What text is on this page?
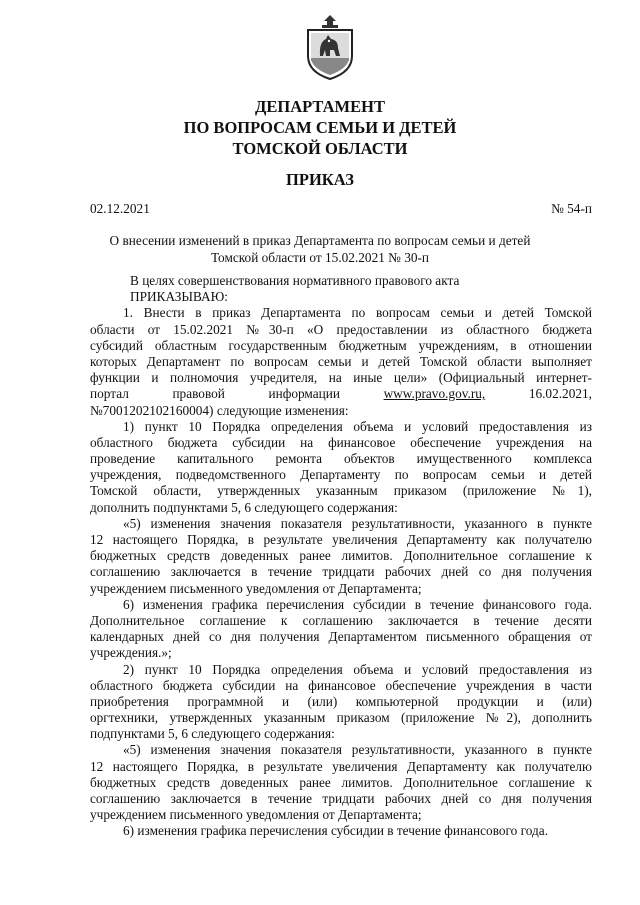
ДЕПАРТАМЕНТ
ПО ВОПРОСАМ СЕМЬИ И ДЕТЕЙ
ТОМСКОЙ ОБЛАСТИ
ПРИКАЗ
02.12.2021	№ 54-п
О внесении изменений в приказ Департамента по вопросам семьи и детей
Томской области от 15.02.2021 № 30-п
В целях совершенствования нормативного правового акта
ПРИКАЗЫВАЮ:
1. Внести в приказ Департамента по вопросам семьи и детей Томской
области от 15.02.2021 №30-п «О предоставлении из областного бюджета
субсидий областным государственным бюджетным учреждениям, в отношении
которых Департамент по вопросам семьи и детей Томской области выполняет
функции и полномочия учредителя, на иные цели» (Официальный интернет-
портал	правовой	информации	www.pravo.gov.ru,	16.02.2021,
№7001202102160004) следующие изменения:
1) пункт 10 Порядка определения объема и условий предоставления из
областного бюджета субсидии на финансовое обеспечение учреждения на
проведение капитального ремонта объектов имущественного комплекса
учреждения, подведомственного Департаменту по вопросам семьи и детей
Томской области, утвержденных указанным приказом (приложение №1),
дополнить подпунктами 5, 6 следующего содержания:
«5) изменения значения показателя результативности, указанного в пункте
12 настоящего Порядка, в результате увеличения Департаменту как получателю
бюджетных средств доведенных ранее лимитов. Дополнительное соглашение к
соглашению заключается в течение тридцати рабочих дней со дня получения
учреждением письменного уведомления от Департамента;
6) изменения графика перечисления субсидии в течение финансового года.
Дополнительное соглашение к соглашению заключается в течение десяти
календарных дней со дня получения Департаментом письменного обращения от
учреждения.»;
2) пункт 10 Порядка определения объема и условий предоставления из
областного бюджета субсидии на финансовое обеспечение учреждения в части
приобретения программной и (или) компьютерной продукции и (или)
оргтехники, утвержденных указанным приказом (приложение №2), дополнить
подпунктами 5, 6 следующего содержания:
«5) изменения значения показателя результативности, указанного в пункте
12 настоящего Порядка, в результате увеличения Департаменту как получателю
бюджетных средств доведенных ранее лимитов. Дополнительное соглашение к
соглашению заключается в течение тридцати рабочих дней со дня получения
учреждением письменного уведомления от Департамента;
6) изменения графика перечисления субсидии в течение финансового года.
